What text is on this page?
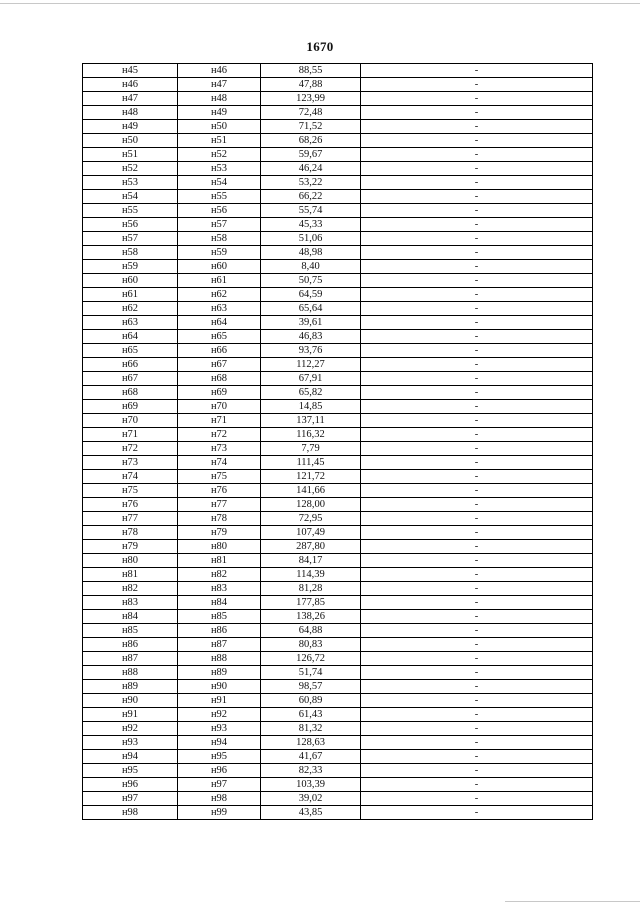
1670
н45	н46	88,55	-
н46	н47	47,88	-
н47	н48	123,99	-
н48	н49	72,48	-
н49	н50	71,52	-
н50	н51	68,26	-
н51	н52	59,67	-
н52	н53	46,24	-
н53	н54	53,22	-
н54	н55	66,22	-
н55	н56	55,74	-
н56	н57	45,33	-
н57	н58	51,06	-
н58	н59	48,98	-
н59	н60	8,40	-
н60	н61	50,75	-
н61	н62	64,59	-
н62	н63	65,64	-
н63	н64	39,61	-
н64	н65	46,83	-
н65	н66	93,76	-
н66	н67	112,27	-
н67	н68	67,91	-
н68	н69	65,82	-
н69	н70	14,85	-
н70	н71	137,11	-
н71	н72	116,32	-
н72	н73	7,79	-
н73	н74	111,45	-
н74	н75	121,72	-
н75	н76	141,66	-
н76	н77	128,00	-
н77	н78	72,95	-
н78	н79	107,49	-
н79	н80	287,80	-
н80	н81	84,17	-
н81	н82	114,39	-
н82	н83	81,28	-
н83	н84	177,85	-
н84	н85	138,26	-
н85	н86	64,88	-
н86	н87	80,83	-
н87	н88	126,72	-
н88	н89	51,74	-
н89	н90	98,57	-
н90	н91	60,89	-
н91	н92	61,43	-
н92	н93	81,32	-
н93	н94	128,63	-
н94	н95	41,67	-
н95	н96	82,33	-
н96	н97	103,39	-
н97	н98	39,02	-
н98	н99	43,85	-
